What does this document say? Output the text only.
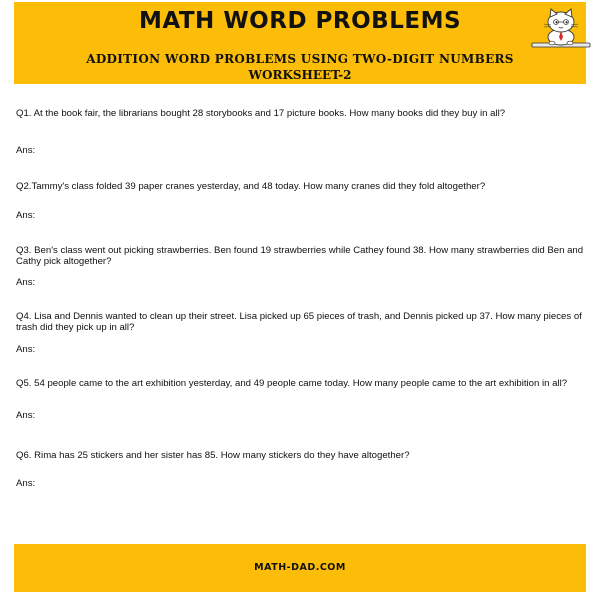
MATH WORD PROBLEMS
ADDITION WORD PROBLEMS USING TWO-DIGIT NUMBERS
WORKSHEET-2

Q1. At the book fair, the librarians bought 28 storybooks and 17 picture books. How many books did they buy in all?

Ans:

Q2.Tammy's class folded 39 paper cranes yesterday, and 48 today. How many cranes did they fold altogether?

Ans:

Q3. Ben's class went out picking strawberries. Ben found 19 strawberries while Cathey found 38. How many strawberries did Ben and Cathy pick altogether?

Ans:

Q4. Lisa and Dennis wanted to clean up their street. Lisa picked up 65 pieces of trash, and Dennis picked up 37. How many pieces of trash did they pick up in all?

Ans:

Q5. 54 people came to the art exhibition yesterday, and 49 people came today. How many people came to the art exhibition in all?

Ans:

Q6. Rima has 25 stickers and her sister has 85. How many stickers do they have altogether?

Ans:

MATH-DAD.COM
